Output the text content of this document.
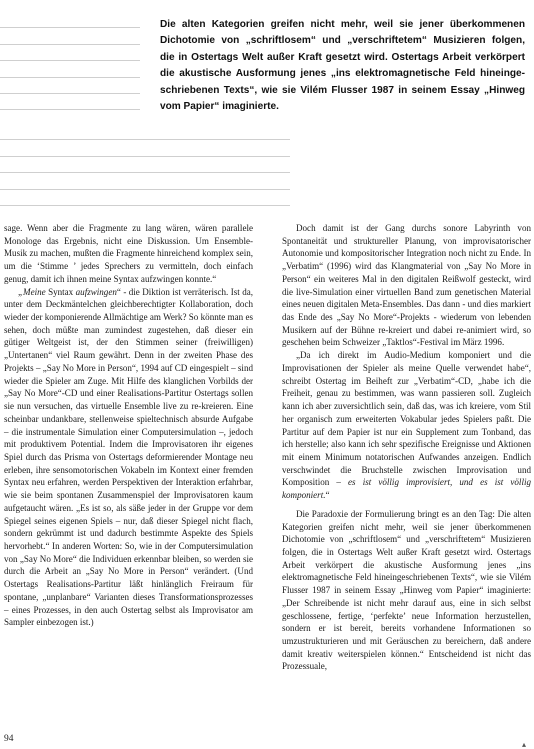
Die alten Kategorien greifen nicht mehr, weil sie jener überkommenen
Dichotomie von „schriftlosem“ und „verschriftetem“ Musizieren folgen,
die in Ostertags Welt außer Kraft gesetzt wird. Ostertags Arbeit verkörpert
die akustische Ausformung jenes „ins elektromagnetische Feld hineinge-
schriebenen Texts“, wie sie Vilém Flusser 1987 in seinem Essay „Hinweg
vom Papier“ imaginierte.

sage. Wenn aber die Fragmente zu lang wären, wären parallele Monologe das Ergebnis, nicht eine Diskussion. Um Ensemble-Musik zu machen, mußten die Fragmente hinreichend komplex sein, um die ‘Stimme ’ jedes Sprechers zu vermitteln, doch einfach genug, damit ich ihnen meine Syntax aufzwingen konnte.“

„Meine Syntax aufzwingen“ - die Diktion ist verräterisch. Ist da, unter dem Deckmäntelchen gleichberechtigter Kollaboration, doch wieder der komponierende Allmächtige am Werk? So könnte man es sehen, doch müßte man zumindest zugestehen, daß dieser ein gütiger Weltgeist ist, der den Stimmen seiner (freiwilligen) „Untertanen“ viel Raum gewährt. Denn in der zweiten Phase des Projekts – „Say No More in Person“, 1994 auf CD eingespielt – sind wieder die Spieler am Zuge. Mit Hilfe des klanglichen Vorbilds der „Say No More“-CD und einer Realisations-Partitur Ostertags sollen sie nun versuchen, das virtuelle Ensemble live zu re-kreieren. Eine scheinbar undankbare, stellenweise spieltechnisch absurde Aufgabe – die instrumentale Simulation einer Computersimulation –, jedoch mit produktivem Potential. Indem die Improvisatoren ihr eigenes Spiel durch das Prisma von Ostertags deformierender Montage neu erleben, ihre sensomotorischen Vokabeln im Kontext einer fremden Syntax neu erfahren, werden Perspektiven der Interaktion erfahrbar, wie sie beim spontanen Zusammenspiel der Improvisatoren kaum aufgetaucht wären. „Es ist so, als säße jeder in der Gruppe vor dem Spiegel seines eigenen Spiels – nur, daß dieser Spiegel nicht flach, sondern gekrümmt ist und dadurch bestimmte Aspekte des Spiels hervorhebt.“ In anderen Worten: So, wie in der Computersimulation von „Say No More“ die Individuen erkennbar bleiben, so werden sie durch die Arbeit an „Say No More in Person“ verändert. (Und Ostertags Realisations-Partitur läßt hinlänglich Freiraum für spontane, „unplanbare“ Varianten dieses Transformationsprozesses – eines Prozesses, in den auch Ostertag selbst als Improvisator am Sampler einbezogen ist.)

Doch damit ist der Gang durchs sonore Labyrinth von Spontaneität und struktureller Planung, von improvisatorischer Autonomie und kompositorischer Integration noch nicht zu Ende. In „Verbatim“ (1996) wird das Klangmaterial von „Say No More in Person“ ein weiteres Mal in den digitalen Reißwolf gesteckt, wird die live-Simulation einer virtuellen Band zum genetischen Material eines neuen digitalen Meta-Ensembles. Das dann - und dies markiert das Ende des „Say No More“-Projekts - wiederum von lebenden Musikern auf der Bühne re-kreiert und dabei re-animiert wird, so geschehen beim Schweizer „Taktlos“-Festival im März 1996.

„Da ich direkt im Audio-Medium komponiert und die Improvisationen der Spieler als meine Quelle verwendet habe“, schreibt Ostertag im Beiheft zur „Verbatim“-CD, „habe ich die Freiheit, genau zu bestimmen, was wann passieren soll. Zugleich kann ich aber zuversichtlich sein, daß das, was ich kreiere, vom Stil her organisch zum erweiterten Vokabular jedes Spielers paßt. Die Partitur auf dem Papier ist nur ein Supplement zum Tonband, das ich herstelle; also kann ich sehr spezifische Ereignisse und Aktionen mit einem Minimum notatorischen Aufwandes anzeigen. Endlich verschwindet die Bruchstelle zwischen Improvisation und Komposition – es ist völlig improvisiert, und es ist völlig komponiert.“

Die Paradoxie der Formulierung bringt es an den Tag: Die alten Kategorien greifen nicht mehr, weil sie jener überkommenen Dichotomie von „schriftlosem“ und „verschriftetem“ Musizieren folgen, die in Ostertags Welt außer Kraft gesetzt wird. Ostertags Arbeit verkörpert die akustische Ausformung jenes „ins elektromagnetische Feld hineingeschriebenen Texts“, wie sie Vilém Flusser 1987 in seinem Essay „Hinweg vom Papier“ imaginierte: „Der Schreibende ist nicht mehr darauf aus, eine in sich selbst geschlossene, fertige, ‘perfekte’ neue Information herzustellen, sondern er ist bereit, bereits vorhandene Informationen so umzustrukturieren und mit Geräuschen zu bereichern, daß andere damit kreativ weiterspielen können.“ Entscheidend ist nicht das Prozessuale,

94
▴
